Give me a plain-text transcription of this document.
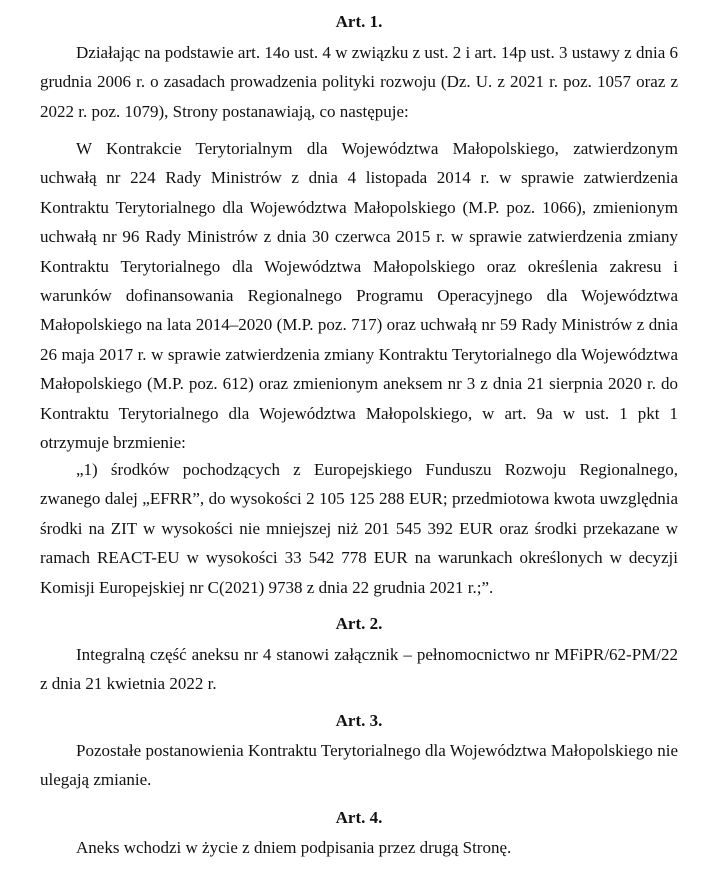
Art. 1.

Działając na podstawie art. 14o ust. 4 w związku z ust. 2 i art. 14p ust. 3 ustawy z dnia 6 grudnia 2006 r. o zasadach prowadzenia polityki rozwoju (Dz. U. z 2021 r. poz. 1057 oraz z 2022 r. poz. 1079), Strony postanawiają, co następuje:

W Kontrakcie Terytorialnym dla Województwa Małopolskiego, zatwierdzonym uchwałą nr 224 Rady Ministrów z dnia 4 listopada 2014 r. w sprawie zatwierdzenia Kontraktu Terytorialnego dla Województwa Małopolskiego (M.P. poz. 1066), zmienionym uchwałą nr 96 Rady Ministrów z dnia 30 czerwca 2015 r. w sprawie zatwierdzenia zmiany Kontraktu Terytorialnego dla Województwa Małopolskiego oraz określenia zakresu i warunków dofinansowania Regionalnego Programu Operacyjnego dla Województwa Małopolskiego na lata 2014–2020 (M.P. poz. 717) oraz uchwałą nr 59 Rady Ministrów z dnia 26 maja 2017 r. w sprawie zatwierdzenia zmiany Kontraktu Terytorialnego dla Województwa Małopolskiego (M.P. poz. 612) oraz zmienionym aneksem nr 3 z dnia 21 sierpnia 2020 r. do Kontraktu Terytorialnego dla Województwa Małopolskiego, w art. 9a w ust. 1 pkt 1 otrzymuje brzmienie:

„1) środków pochodzących z Europejskiego Funduszu Rozwoju Regionalnego, zwanego dalej „EFRR”, do wysokości 2 105 125 288 EUR; przedmiotowa kwota uwzględnia środki na ZIT w wysokości nie mniejszej niż 201 545 392 EUR oraz środki przekazane w ramach REACT-EU w wysokości 33 542 778 EUR na warunkach określonych w decyzji Komisji Europejskiej nr C(2021) 9738 z dnia 22 grudnia 2021 r.;”.

Art. 2.

Integralną część aneksu nr 4 stanowi załącznik – pełnomocnictwo nr MFiPR/62-PM/22 z dnia 21 kwietnia 2022 r.

Art. 3.

Pozostałe postanowienia Kontraktu Terytorialnego dla Województwa Małopolskiego nie ulegają zmianie.

Art. 4.

Aneks wchodzi w życie z dniem podpisania przez drugą Stronę.
